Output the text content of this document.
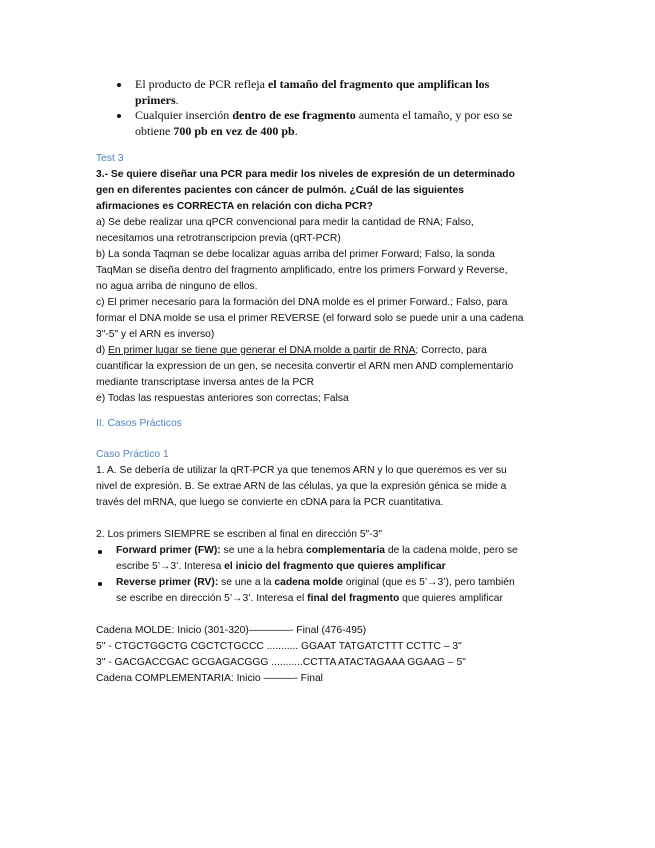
El producto de PCR refleja el tamaño del fragmento que amplifican los
primers.
Cualquier inserción dentro de ese fragmento aumenta el tamaño, y por eso se
obtiene 700 pb en vez de 400 pb.
Test 3
3.- Se quiere diseñar una PCR para medir los niveles de expresión de un determinado
gen en diferentes pacientes con cáncer de pulmón. ¿Cuál de las siguientes
afirmaciones es CORRECTA en relación con dicha PCR?
a) Se debe realizar una qPCR convencional para medir la cantidad de RNA; Falso,
necesitamos una retrotranscripcion previa (qRT-PCR)
b) La sonda Taqman se debe localizar aguas arriba del primer Forward; Falso, la sonda
TaqMan se diseña dentro del fragmento amplificado, entre los primers Forward y Reverse,
no agua arriba de ninguno de ellos.
c) El primer necesario para la formación del DNA molde es el primer Forward.; Falso, para
formar el DNA molde se usa el primer REVERSE (el forward solo se puede unir a una cadena
3"-5" y el ARN es inverso)
d) En primer lugar se tiene que generar el DNA molde a partir de RNA; Correcto, para
cuantificar la expression de un gen, se necesita convertir el ARN men AND complementario
mediante transcriptase inversa antes de la PCR
e) Todas las respuestas anteriores son correctas; Falsa
II. Casos Prácticos
Caso Práctico 1
1. A. Se debería de utilizar la qRT-PCR ya que tenemos ARN y lo que queremos es ver su
nivel de expresión. B. Se extrae ARN de las células, ya que la expresión génica se mide a
través del mRNA, que luego se convierte en cDNA para la PCR cuantitativa.
2. Los primers SIEMPRE se escriben al final en dirección 5"-3"
Forward primer (FW): se une a la hebra complementaria de la cadena molde, pero se
escribe 5’→3’. Interesa el inicio del fragmento que quieres amplificar
Reverse primer (RV): se une a la cadena molde original (que es 5’→3’), pero también
se escribe en dirección 5’→3’. Interesa el final del fragmento que quieres amplificar
Cadena MOLDE: Inicio (301-320)————- Final (476-495)
5" - CTGCTGGCTG CGCTCTGCCC ........... GGAAT TATGATCTTT CCTTC – 3"
3" - GACGACCGAC GCGAGACGGG ...........CCTTA ATACTAGAAA GGAAG – 5"
Cadena COMPLEMENTARIA: Inicio ———- Final
